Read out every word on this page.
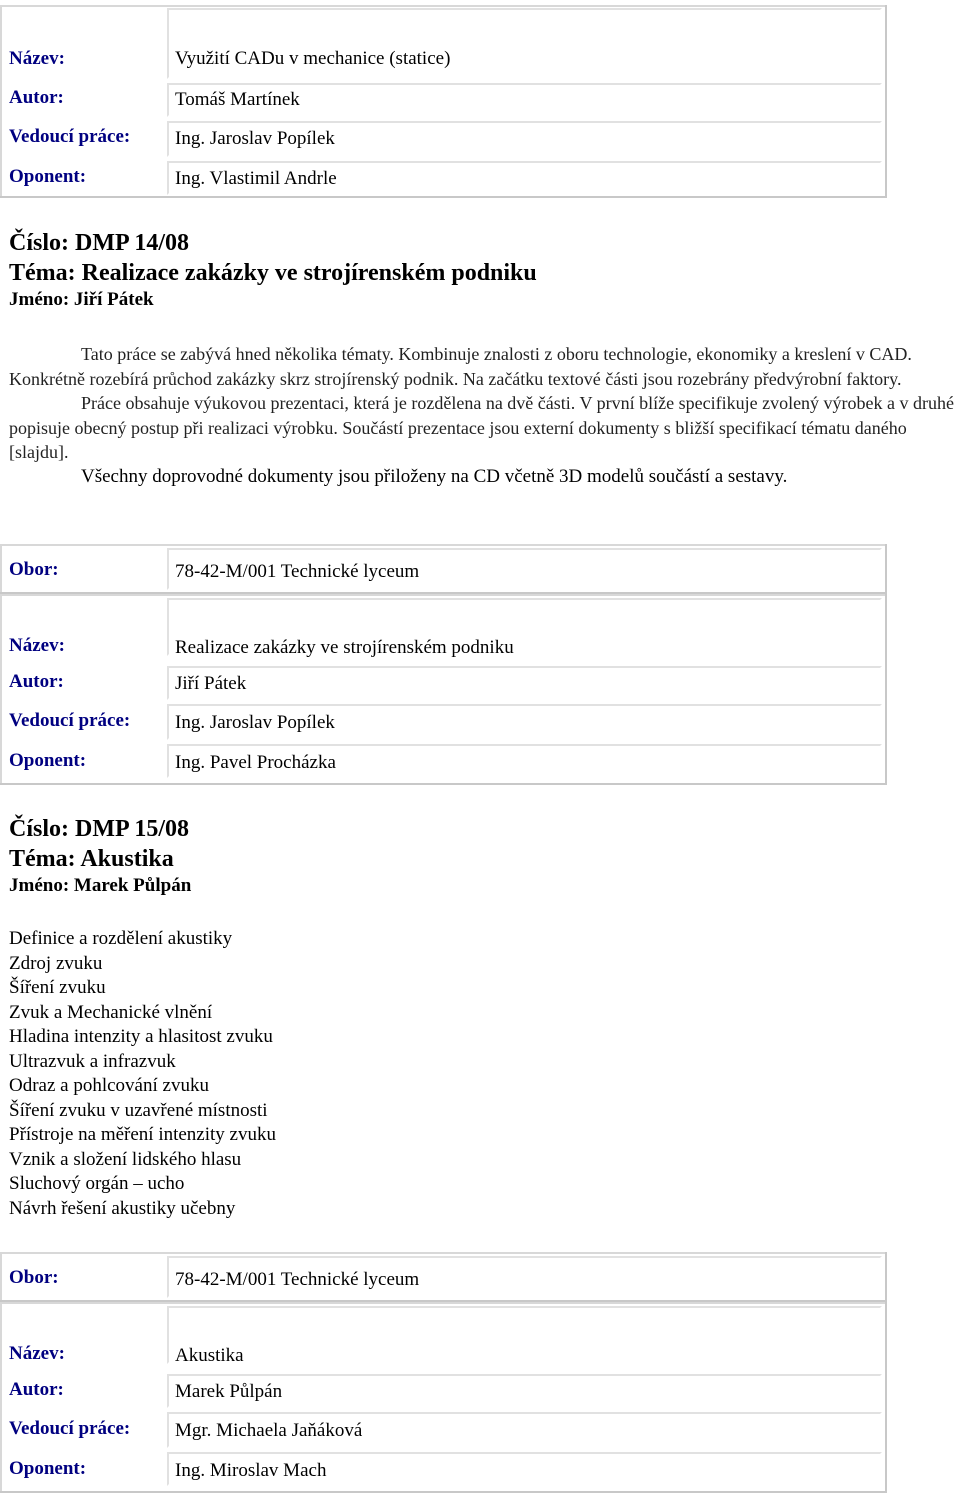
Název:	Využití CADu v mechanice (statice)
Autor:	Tomáš Martínek
Vedoucí práce: Ing. Jaroslav Popílek
Oponent:	Ing. Vlastimil Andrle
Číslo: DMP 14/08
Téma: Realizace zakázky ve strojírenském podniku
Jméno: Jiří Pátek

Tato práce se zabývá hned několika tématy. Kombinuje znalosti z oboru technologie, ekonomiky a kreslení v CAD. Konkrétně rozebírá průchod zakázky skrz strojírenský podnik. Na začátku textové části jsou rozebrány předvýrobní faktory.

Práce obsahuje výukovou prezentaci, která je rozdělena na dvě části. V první blíže specifikuje zvolený výrobek a v druhé popisuje obecný postup při realizaci výrobku. Součástí prezentace jsou externí dokumenty s bližší specifikací tématu daného [slajdu].

Všechny doprovodné dokumenty jsou přiloženy na CD včetně 3D modelů součástí a sestavy.

Obor:	78-42-M/001 Technické lyceum
Název:	Realizace zakázky ve strojírenském podniku
Autor:	Jiří Pátek
Vedoucí práce: Ing. Jaroslav Popílek
Oponent:	Ing. Pavel Procházka
Číslo: DMP 15/08
Téma: Akustika
Jméno: Marek Půlpán
Definice a rozdělení akustiky
Zdroj zvuku
Šíření zvuku
Zvuk a Mechanické vlnění
Hladina intenzity a hlasitost zvuku
Ultrazvuk a infrazvuk
Odraz a pohlcování zvuku
Šíření zvuku v uzavřené místnosti
Přístroje na měření intenzity zvuku
Vznik a složení lidského hlasu
Sluchový orgán – ucho
Návrh řešení akustiky učebny
Obor:	78-42-M/001 Technické lyceum
Název:	Akustika
Autor:	Marek Půlpán
Vedoucí práce: Mgr. Michaela Jaňáková
Oponent:	Ing. Miroslav Mach
